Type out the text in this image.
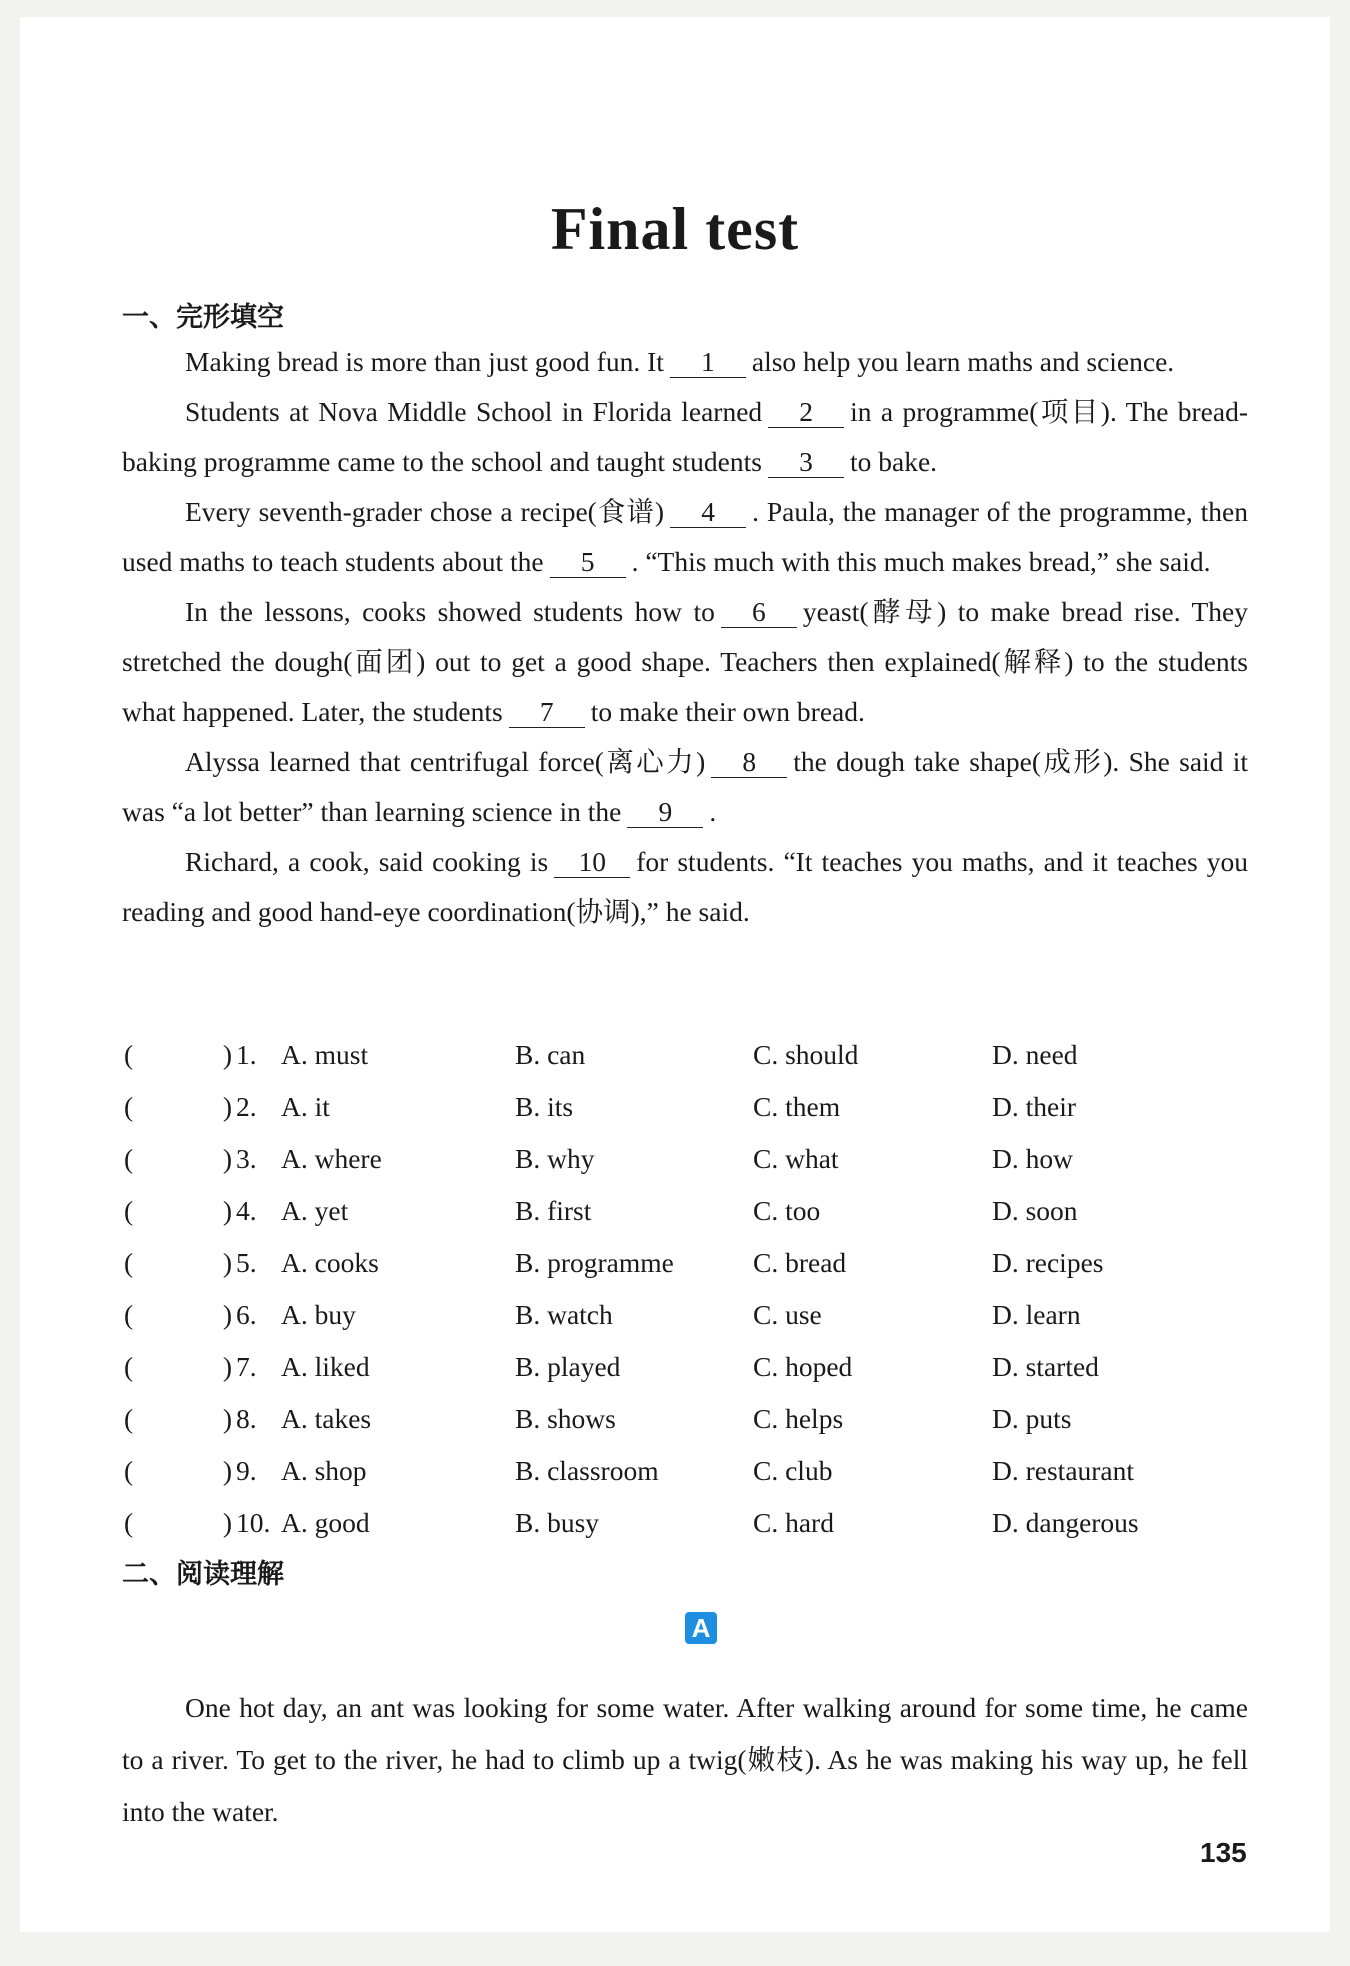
Final test
一、完形填空

Making bread is more than just good fun. It 1 also help you learn maths and science.

Students at Nova Middle School in Florida learned 2 in a programme(项目). The bread-baking programme came to the school and taught students 3 to bake.

Every seventh-grader chose a recipe(食谱) 4 . Paula, the manager of the programme, then used maths to teach students about the 5 . “This much with this much makes bread,” she said.

In the lessons, cooks showed students how to 6 yeast(酵母) to make bread rise. They stretched the dough(面团) out to get a good shape. Teachers then explained(解释) to the students what happened. Later, the students 7 to make their own bread.

Alyssa learned that centrifugal force(离心力) 8 the dough take shape(成形). She said it was “a lot better” than learning science in the 9 .

Richard, a cook, said cooking is 10 for students. “It teaches you maths, and it teaches you reading and good hand-eye coordination(协调),” he said.

(	) 1. A. must	B. can	C. should	D. need
(	) 2. A. it	B. its	C. them	D. their
(	) 3. A. where	B. why	C. what	D. how
(	) 4. A. yet	B. first	C. too	D. soon
(	) 5. A. cooks	B. programme	C. bread	D. recipes
(	) 6. A. buy	B. watch	C. use	D. learn
(	) 7. A. liked	B. played	C. hoped	D. started
(	) 8. A. takes	B. shows	C. helps	D. puts
(	) 9. A. shop	B. classroom	C. club	D. restaurant
(	) 10. A. good	B. busy	C. hard	D. dangerous
二、阅读理解
A

One hot day, an ant was looking for some water. After walking around for some time, he came to a river. To get to the river, he had to climb up a twig(嫩枝). As he was making his way up, he fell into the water.

135
